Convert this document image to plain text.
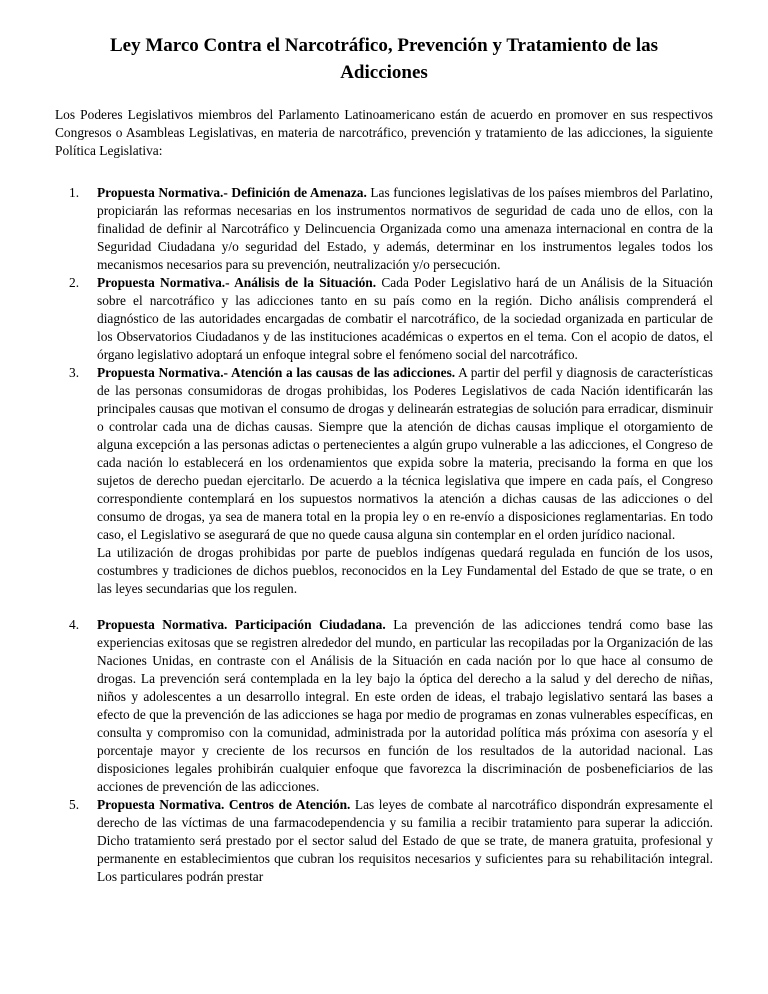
Ley Marco Contra el Narcotráfico, Prevención y Tratamiento de las Adicciones

Los Poderes Legislativos miembros del Parlamento Latinoamericano están de acuerdo en promover en sus respectivos Congresos o Asambleas Legislativas, en materia de narcotráfico, prevención y tratamiento de las adicciones, la siguiente Política Legislativa:

1. Propuesta Normativa.- Definición de Amenaza. Las funciones legislativas de los países miembros del Parlatino, propiciarán las reformas necesarias en los instrumentos normativos de seguridad de cada uno de ellos, con la finalidad de definir al Narcotráfico y Delincuencia Organizada como una amenaza internacional en contra de la Seguridad Ciudadana y/o seguridad del Estado, y además, determinar en los instrumentos legales todos los mecanismos necesarios para su prevención, neutralización y/o persecución.
2. Propuesta Normativa.- Análisis de la Situación. Cada Poder Legislativo hará de un Análisis de la Situación sobre el narcotráfico y las adicciones tanto en su país como en la región. Dicho análisis comprenderá el diagnóstico de las autoridades encargadas de combatir el narcotráfico, de la sociedad organizada en particular de los Observatorios Ciudadanos y de las instituciones académicas o expertos en el tema. Con el acopio de datos, el órgano legislativo adoptará un enfoque integral sobre el fenómeno social del narcotráfico.
3. Propuesta Normativa.- Atención a las causas de las adicciones. A partir del perfil y diagnosis de características de las personas consumidoras de drogas prohibidas, los Poderes Legislativos de cada Nación identificarán las principales causas que motivan el consumo de drogas y delinearán estrategias de solución para erradicar, disminuir o controlar cada una de dichas causas. Siempre que la atención de dichas causas implique el otorgamiento de alguna excepción a las personas adictas o pertenecientes a algún grupo vulnerable a las adicciones, el Congreso de cada nación lo establecerá en los ordenamientos que expida sobre la materia, precisando la forma en que los sujetos de derecho puedan ejercitarlo. De acuerdo a la técnica legislativa que impere en cada país, el Congreso correspondiente contemplará en los supuestos normativos la atención a dichas causas de las adicciones o del consumo de drogas, ya sea de manera total en la propia ley o en re-envío a disposiciones reglamentarias. En todo caso, el Legislativo se asegurará de que no quede causa alguna sin contemplar en el orden jurídico nacional.
La utilización de drogas prohibidas por parte de pueblos indígenas quedará regulada en función de los usos, costumbres y tradiciones de dichos pueblos, reconocidos en la Ley Fundamental del Estado de que se trate, o en las leyes secundarias que los regulen.
4. Propuesta Normativa. Participación Ciudadana. La prevención de las adicciones tendrá como base las experiencias exitosas que se registren alrededor del mundo, en particular las recopiladas por la Organización de las Naciones Unidas, en contraste con el Análisis de la Situación en cada nación por lo que hace al consumo de drogas. La prevención será contemplada en la ley bajo la óptica del derecho a la salud y del derecho de niñas, niños y adolescentes a un desarrollo integral. En este orden de ideas, el trabajo legislativo sentará las bases a efecto de que la prevención de las adicciones se haga por medio de programas en zonas vulnerables específicas, en consulta y compromiso con la comunidad, administrada por la autoridad política más próxima con asesoría y el porcentaje mayor y creciente de los recursos en función de los resultados de la autoridad nacional. Las disposiciones legales prohibirán cualquier enfoque que favorezca la discriminación de posbeneficiarios de las acciones de prevención de las adicciones.
5. Propuesta Normativa. Centros de Atención. Las leyes de combate al narcotráfico dispondrán expresamente el derecho de las víctimas de una farmacodependencia y su familia a recibir tratamiento para superar la adicción. Dicho tratamiento será prestado por el sector salud del Estado de que se trate, de manera gratuita, profesional y permanente en establecimientos que cubran los requisitos necesarios y suficientes para su rehabilitación integral. Los particulares podrán prestar
